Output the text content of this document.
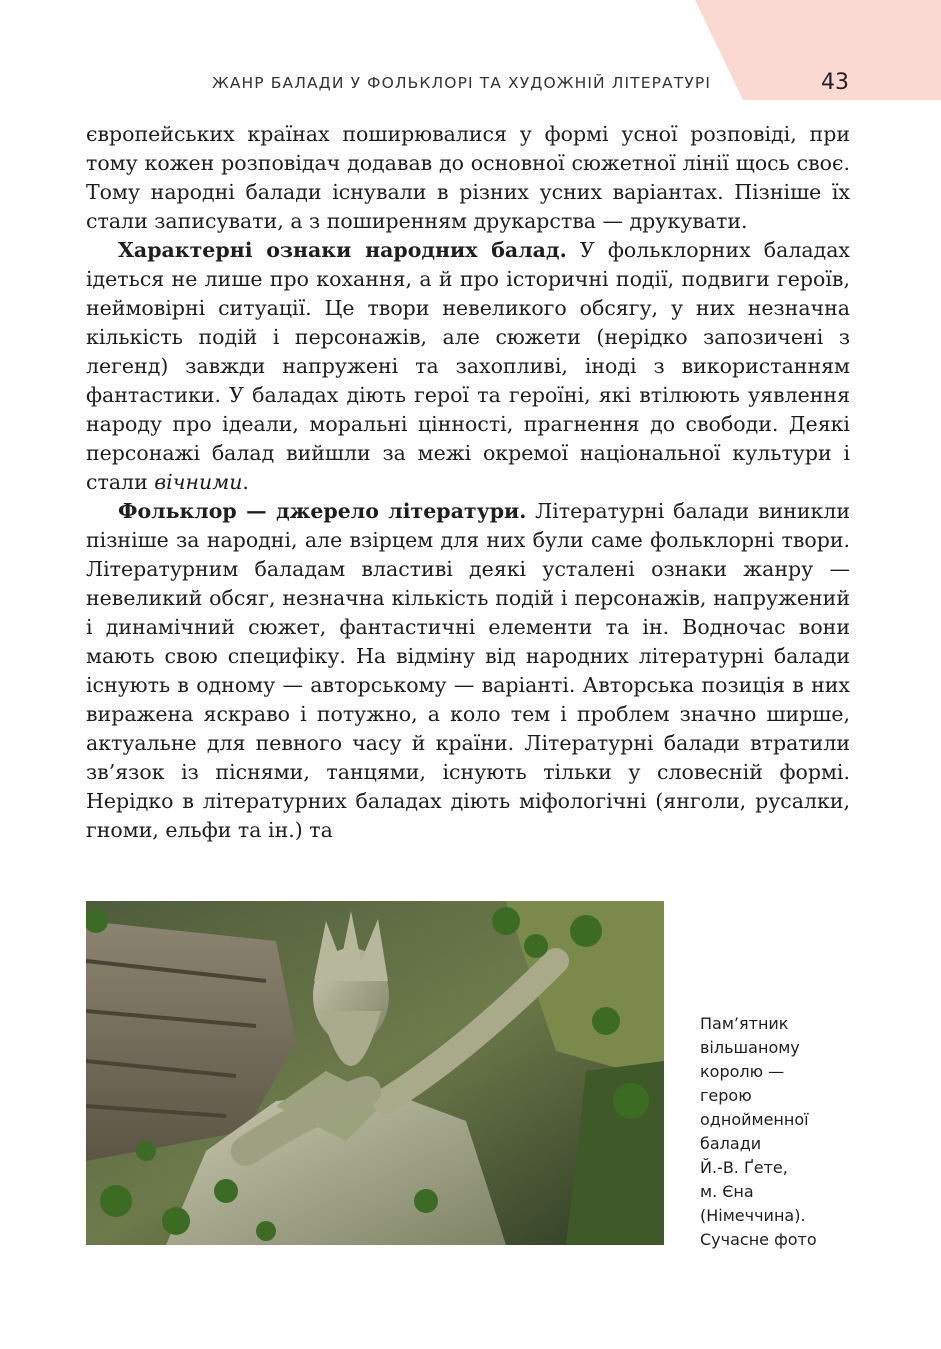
ЖАНР БАЛАДИ У ФОЛЬКЛОРІ ТА ХУДОЖНІЙ ЛІТЕРАТУРІ	43

європейських країнах поширювалися у формі усної розповіді, при тому кожен розповідач додавав до основної сюжетної лінії щось своє. Тому народні балади існували в різних усних варіантах. Пізніше їх стали записувати, а з поширенням друкарства — друкувати.

Характерні ознаки народних балад. У фольклорних баладах ідеться не лише про кохання, а й про історичні події, подвиги героїв, неймовірні ситуації. Це твори невеликого обсягу, у них незначна кількість подій і персонажів, але сюжети (нерідко запозичені з легенд) завжди напружені та захопливі, іноді з використанням фантастики. У баладах діють герої та героїні, які втілюють уявлення народу про ідеали, моральні цінності, прагнення до свободи. Деякі персонажі балад вийшли за межі окремої національної культури і стали вічними.

Фольклор — джерело літератури. Літературні балади виникли пізніше за народні, але взірцем для них були саме фольклорні твори. Літературним баладам властиві деякі усталені ознаки жанру — невеликий обсяг, незначна кількість подій і персонажів, напружений і динамічний сюжет, фантастичні елементи та ін. Водночас вони мають свою специфіку. На відміну від народних літературні балади існують в одному — авторському — варіанті. Авторська позиція в них виражена яскраво і потужно, а коло тем і проблем значно ширше, актуальне для певного часу й країни. Літературні балади втратили зв’язок із піснями, танцями, існують тільки у словесній формі. Нерідко в літературних баладах діють міфологічні (янголи, русалки, гноми, ельфи та ін.) та

Пам’ятник
вільшаному
королю —
герою
однойменної
балади
Й.-В. Ґете,
м. Єна
(Німеччина).
Сучасне фото
